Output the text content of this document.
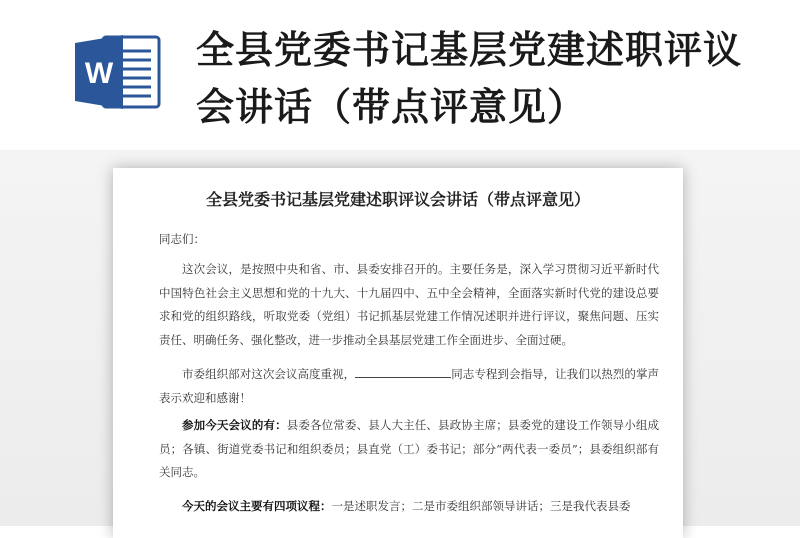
W
全县党委书记基层党建述职评议会讲话（带点评意见）
全县党委书记基层党建述职评议会讲话（带点评意见）
同志们：
这次会议，是按照中央和省、市、县委安排召开的。主要任务是，深入学习贯彻习近平新时代中国特色社会主义思想和党的十九大、十九届四中、五中全会精神，全面落实新时代党的建设总要求和党的组织路线，听取党委（党组）书记抓基层党建工作情况述职并进行评议，聚焦问题、压实责任、明确任务、强化整改，进一步推动全县基层党建工作全面进步、全面过硬。
市委组织部对这次会议高度重视，	同志专程到会指导，让我们以热烈的掌声表示欢迎和感谢！
参加今天会议的有：县委各位常委、县人大主任、县政协主席；县委党的建设工作领导小组成员；各镇、街道党委书记和组织委员；县直党（工）委书记；部分“两代表一委员”；县委组织部有关同志。
今天的会议主要有四项议程：一是述职发言；二是市委组织部领导讲话；三是我代表县委
